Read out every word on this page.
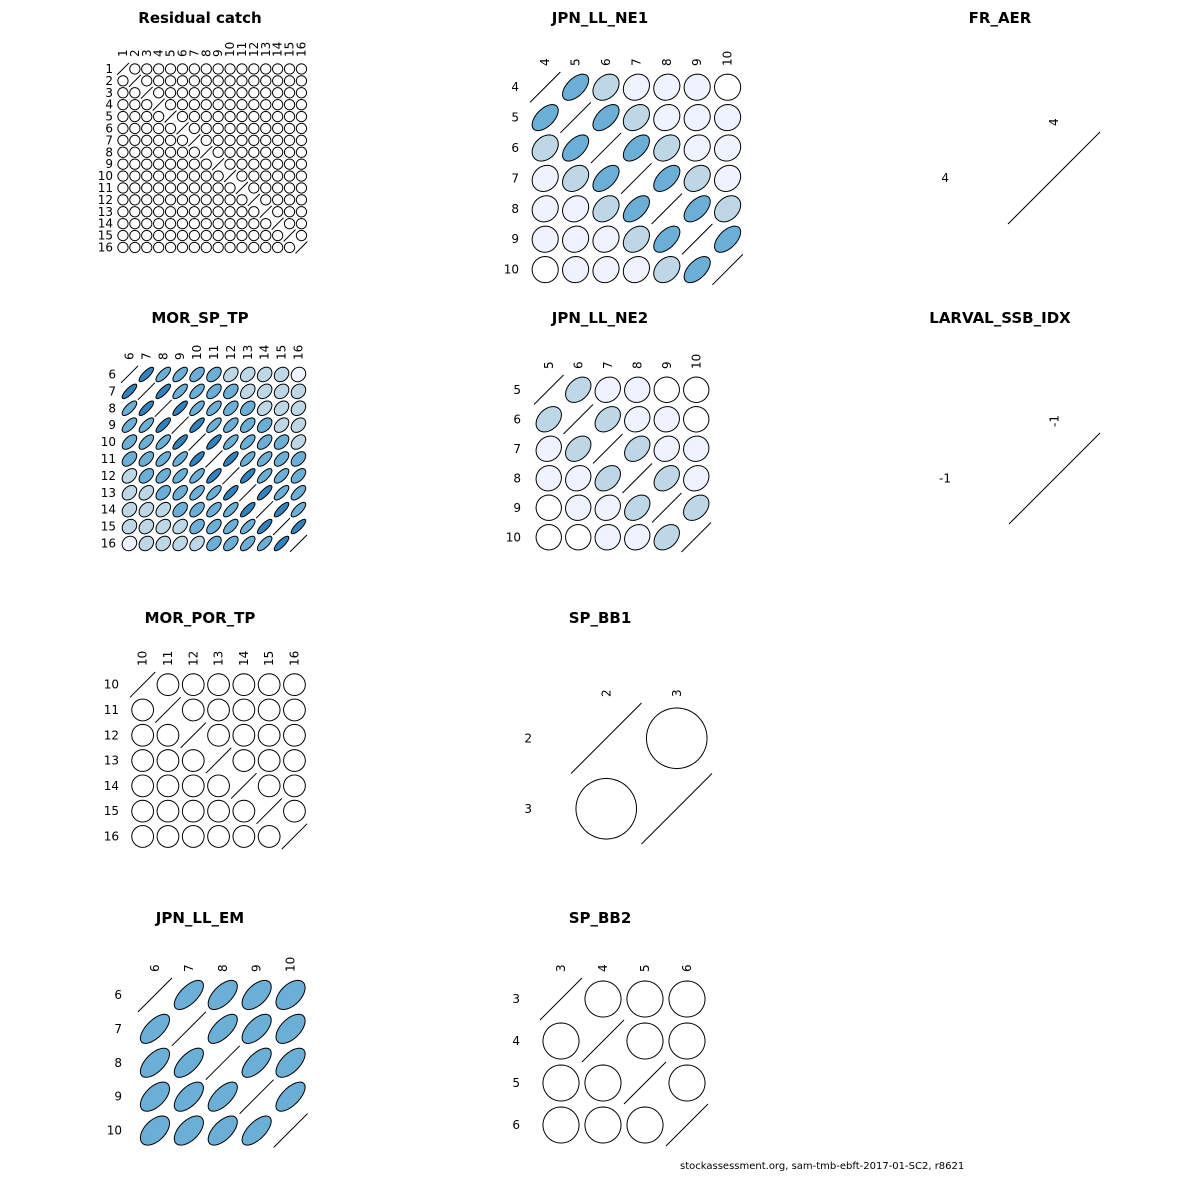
Residual catch
1
2
3
4
5
6
7
8
9
10
11
12
13
14
15
16
1
2
3
4
5
6
7
8
9
10
11
12
13
14
15
16
JPN_LL_NE1
4 5 6 7 8 9 10
4
5
6
7
8
9
10
FR_AER
4
4
MOR_SP_TP
6 7 8 9 10 11 12 13 14 15 16
6
7
8
9
10
11
12
13
14
15
16
JPN_LL_NE2
5 6 7 8 9 10
5
6
7
8
9
10
LARVAL_SSB_IDX
-1
-1
MOR_POR_TP
10 11 12 13 14 15 16
10
11
12
13
14
15
16
SP_BB1
2	3
2
3
JPN_LL_EM
6 7 8 9 10
6
7
8
9
10
SP_BB2
3 4 5 6
3
4
5
6
stockassessment.org, sam-tmb-ebft-2017-01-SC2, r8621
